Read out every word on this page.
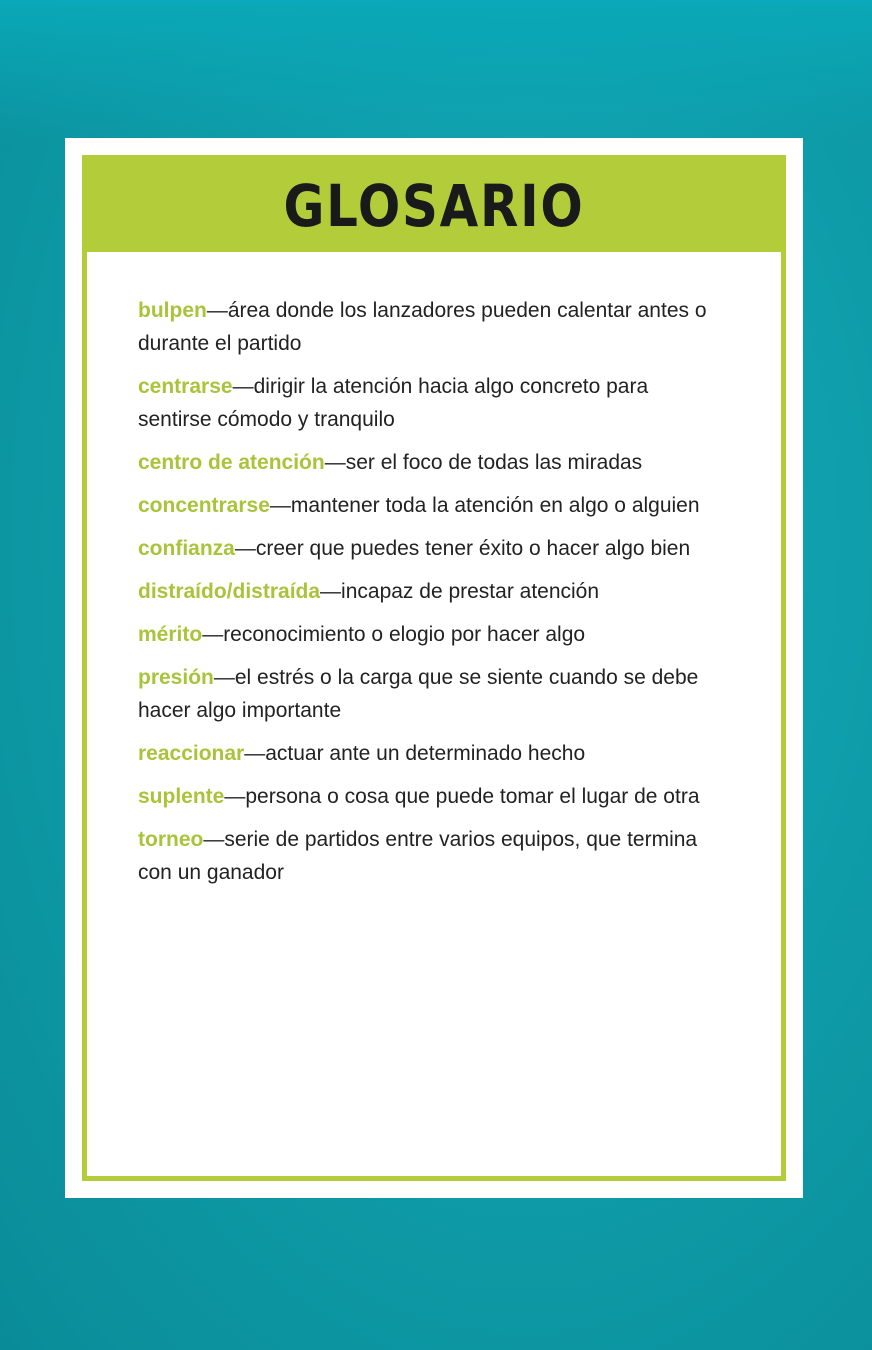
GLOSARIO

bulpen—área donde los lanzadores pueden calentar antes o durante el partido

centrarse—dirigir la atención hacia algo concreto para sentirse cómodo y tranquilo

centro de atención—ser el foco de todas las miradas

concentrarse—mantener toda la atención en algo o alguien

confianza—creer que puedes tener éxito o hacer algo bien

distraído/distraída—incapaz de prestar atención

mérito—reconocimiento o elogio por hacer algo

presión—el estrés o la carga que se siente cuando se debe hacer algo importante

reaccionar—actuar ante un determinado hecho

suplente—persona o cosa que puede tomar el lugar de otra

torneo—serie de partidos entre varios equipos, que termina con un ganador
